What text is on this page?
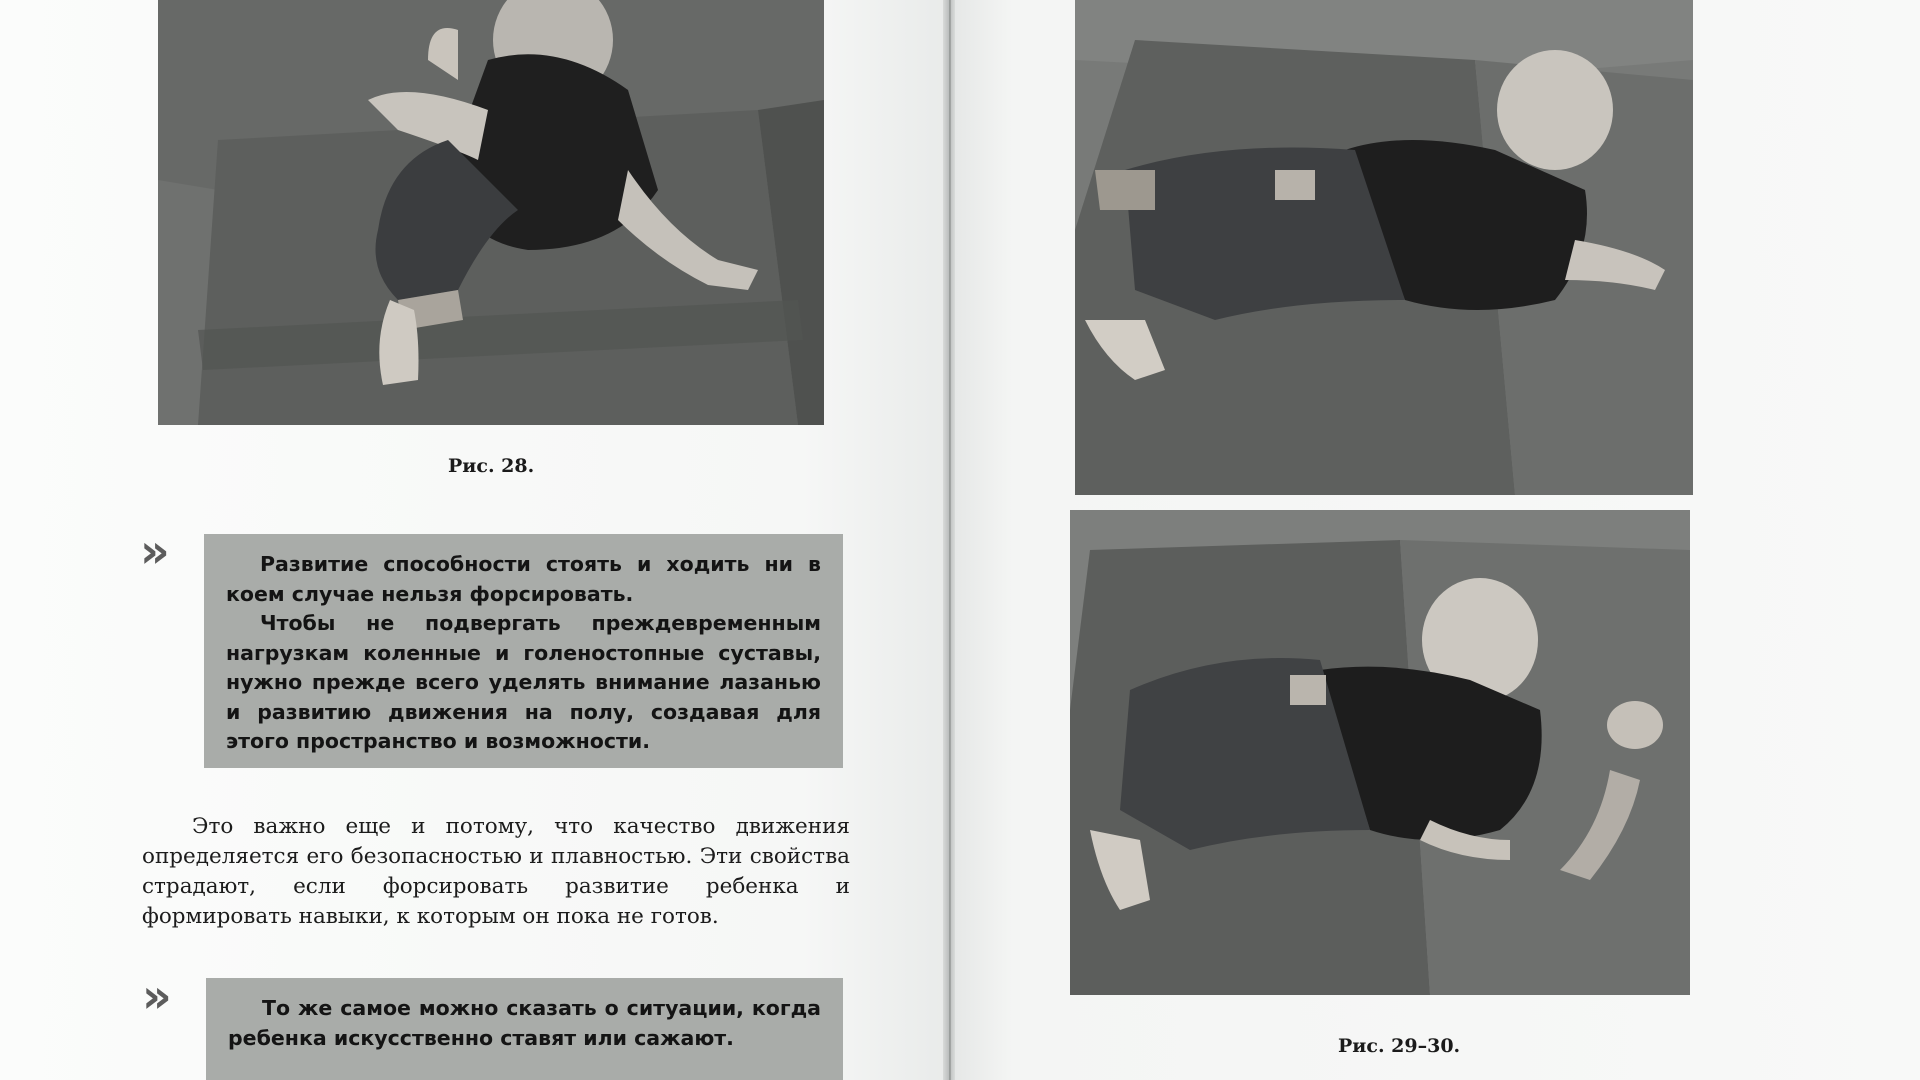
Рис. 28.
»	Развитие способности стоять и ходить ни в коем случае нельзя форсировать.

Чтобы не подвергать преждевременным нагрузкам коленные и голеностопные суставы, нужно прежде всего уделять внимание лазанью и развитию движения на полу, создавая для этого пространство и возможности.

Это важно еще и потому, что качество движения определяется его безопасностью и плавностью. Эти свойства страдают, если форсировать развитие ребенка и формировать навыки, к которым он пока не готов.

»	То же самое можно сказать о ситуации, когда ребенка искусственно ставят или сажают.	Рис. 29–30.
